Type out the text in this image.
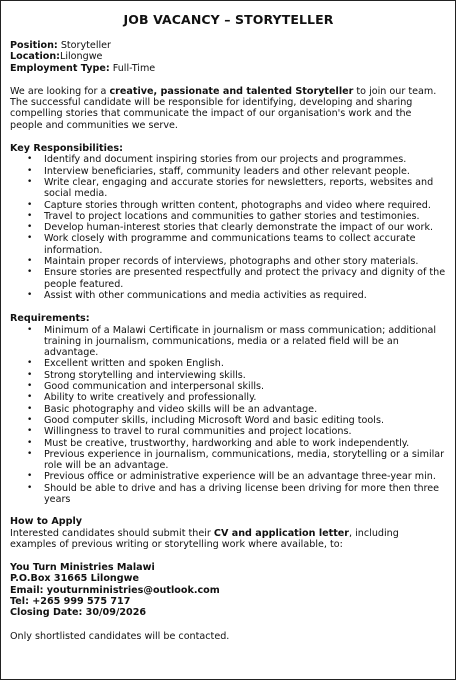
JOB VACANCY – STORYTELLER

Position: Storyteller

Location:Lilongwe

Employment Type: Full-Time

We are looking for a creative, passionate and talented Storyteller to join our team.

The successful candidate will be responsible for identifying, developing and sharing compelling stories that communicate the impact of our organisation's work and the people and communities we serve.

Key Responsibilities:

• Identify and document inspiring stories from our projects and programmes.
• Interview beneficiaries, staff, community leaders and other relevant people.
• Write clear, engaging and accurate stories for newsletters, reports, websites and social media.
• Capture stories through written content, photographs and video where required.
• Travel to project locations and communities to gather stories and testimonies.
• Develop human-interest stories that clearly demonstrate the impact of our work.
• Work closely with programme and communications teams to collect accurate information.
• Maintain proper records of interviews, photographs and other story materials.
• Ensure stories are presented respectfully and protect the privacy and dignity of the people featured.
• Assist with other communications and media activities as required.

Requirements:

• Minimum of a Malawi Certificate in journalism or mass communication; additional training in journalism, communications, media or a related field will be an advantage.
• Excellent written and spoken English.
• Strong storytelling and interviewing skills.
• Good communication and interpersonal skills.
• Ability to write creatively and professionally.
• Basic photography and video skills will be an advantage.
• Good computer skills, including Microsoft Word and basic editing tools.
• Willingness to travel to rural communities and project locations.
• Must be creative, trustworthy, hardworking and able to work independently.
• Previous experience in journalism, communications, media, storytelling or a similar role will be an advantage.
• Previous office or administrative experience will be an advantage three-year min.
• Should be able to drive and has a driving license been driving for more then three years

How to Apply

Interested candidates should submit their CV and application letter, including examples of previous writing or storytelling work where available, to:

You Turn Ministries Malawi

P.O.Box 31665 Lilongwe

Email: youturnministries@outlook.com

Tel: +265 999 575 717

Closing Date: 30/09/2026

Only shortlisted candidates will be contacted.
